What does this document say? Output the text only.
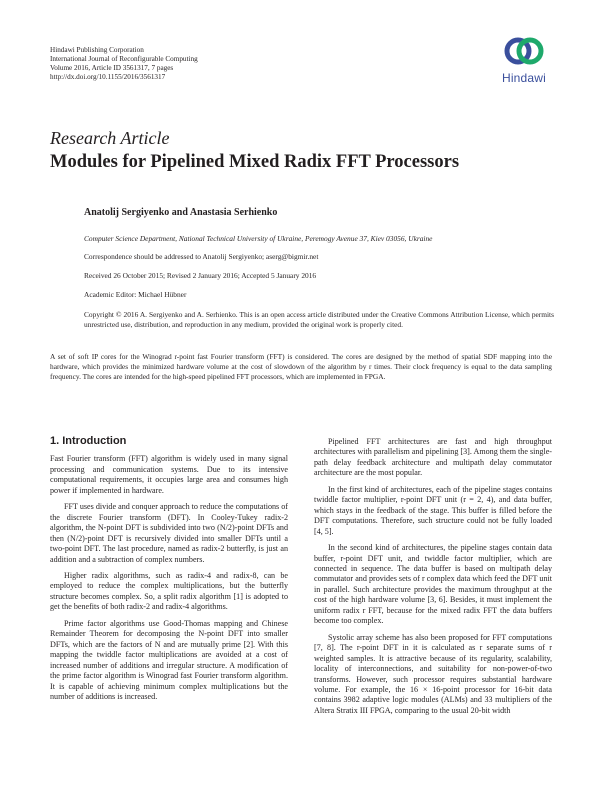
Hindawi Publishing Corporation
International Journal of Reconfigurable Computing
Volume 2016, Article ID 3561317, 7 pages
http://dx.doi.org/10.1155/2016/3561317	Hindawi
Research Article
Modules for Pipelined Mixed Radix FFT Processors
Anatolij Sergiyenko and Anastasia Serhienko
Computer Science Department, National Technical University of Ukraine, Peremogy Avenue 37, Kiev 03056, Ukraine
Correspondence should be addressed to Anatolij Sergiyenko; aserg@bigmir.net
Received 26 October 2015; Revised 2 January 2016; Accepted 5 January 2016
Academic Editor: Michael Hübner
Copyright © 2016 A. Sergiyenko and A. Serhienko. This is an open access article distributed under the Creative Commons Attribution License, which permits unrestricted use, distribution, and reproduction in any medium, provided the original work is properly cited.
A set of soft IP cores for the Winograd r-point fast Fourier transform (FFT) is considered. The cores are designed by the method of spatial SDF mapping into the hardware, which provides the minimized hardware volume at the cost of slowdown of the algorithm by r times. Their clock frequency is equal to the data sampling frequency. The cores are intended for the high-speed pipelined FFT processors, which are implemented in FPGA.
1. Introduction

Fast Fourier transform (FFT) algorithm is widely used in many signal processing and communication systems. Due to its intensive computational requirements, it occupies large area and consumes high power if implemented in hardware.

FFT uses divide and conquer approach to reduce the computations of the discrete Fourier transform (DFT). In Cooley-Tukey radix-2 algorithm, the N-point DFT is subdivided into two (N/2)-point DFTs and then (N/2)-point DFT is recursively divided into smaller DFTs until a two-point DFT. The last procedure, named as radix-2 butterfly, is just an addition and a subtraction of complex numbers.

Higher radix algorithms, such as radix-4 and radix-8, can be employed to reduce the complex multiplications, but the butterfly structure becomes complex. So, a split radix algorithm [1] is adopted to get the benefits of both radix-2 and radix-4 algorithms.

Prime factor algorithms use Good-Thomas mapping and Chinese Remainder Theorem for decomposing the N-point DFT into smaller DFTs, which are the factors of N and are mutually prime [2]. With this mapping the twiddle factor multiplications are avoided at a cost of increased number of additions and irregular structure. A modification of the prime factor algorithm is Winograd fast Fourier transform algorithm. It is capable of achieving minimum complex multiplications but the number of additions is increased.

Pipelined FFT architectures are fast and high throughput architectures with parallelism and pipelining [3]. Among them the single-path delay feedback architecture and multipath delay commutator architecture are the most popular.

In the first kind of architectures, each of the pipeline stages contains twiddle factor multiplier, r-point DFT unit (r = 2, 4), and data buffer, which stays in the feedback of the stage. This buffer is filled before the DFT computations. Therefore, such structure could not be fully loaded [4, 5].

In the second kind of architectures, the pipeline stages contain data buffer, r-point DFT unit, and twiddle factor multiplier, which are connected in sequence. The data buffer is based on multipath delay commutator and provides sets of r complex data which feed the DFT unit in parallel. Such architecture provides the maximum throughput at the cost of the high hardware volume [3, 6]. Besides, it must implement the uniform radix r FFT, because for the mixed radix FFT the data buffers become too complex.

Systolic array scheme has also been proposed for FFT computations [7, 8]. The r-point DFT in it is calculated as r separate sums of r weighted samples. It is attractive because of its regularity, scalability, locality of interconnections, and suitability for non-power-of-two transforms. However, such processor requires substantial hardware volume. For example, the 16 × 16-point processor for 16-bit data contains 3982 adaptive logic modules (ALMs) and 33 multipliers of the Altera Stratix III FPGA, comparing to the usual 20-bit width
